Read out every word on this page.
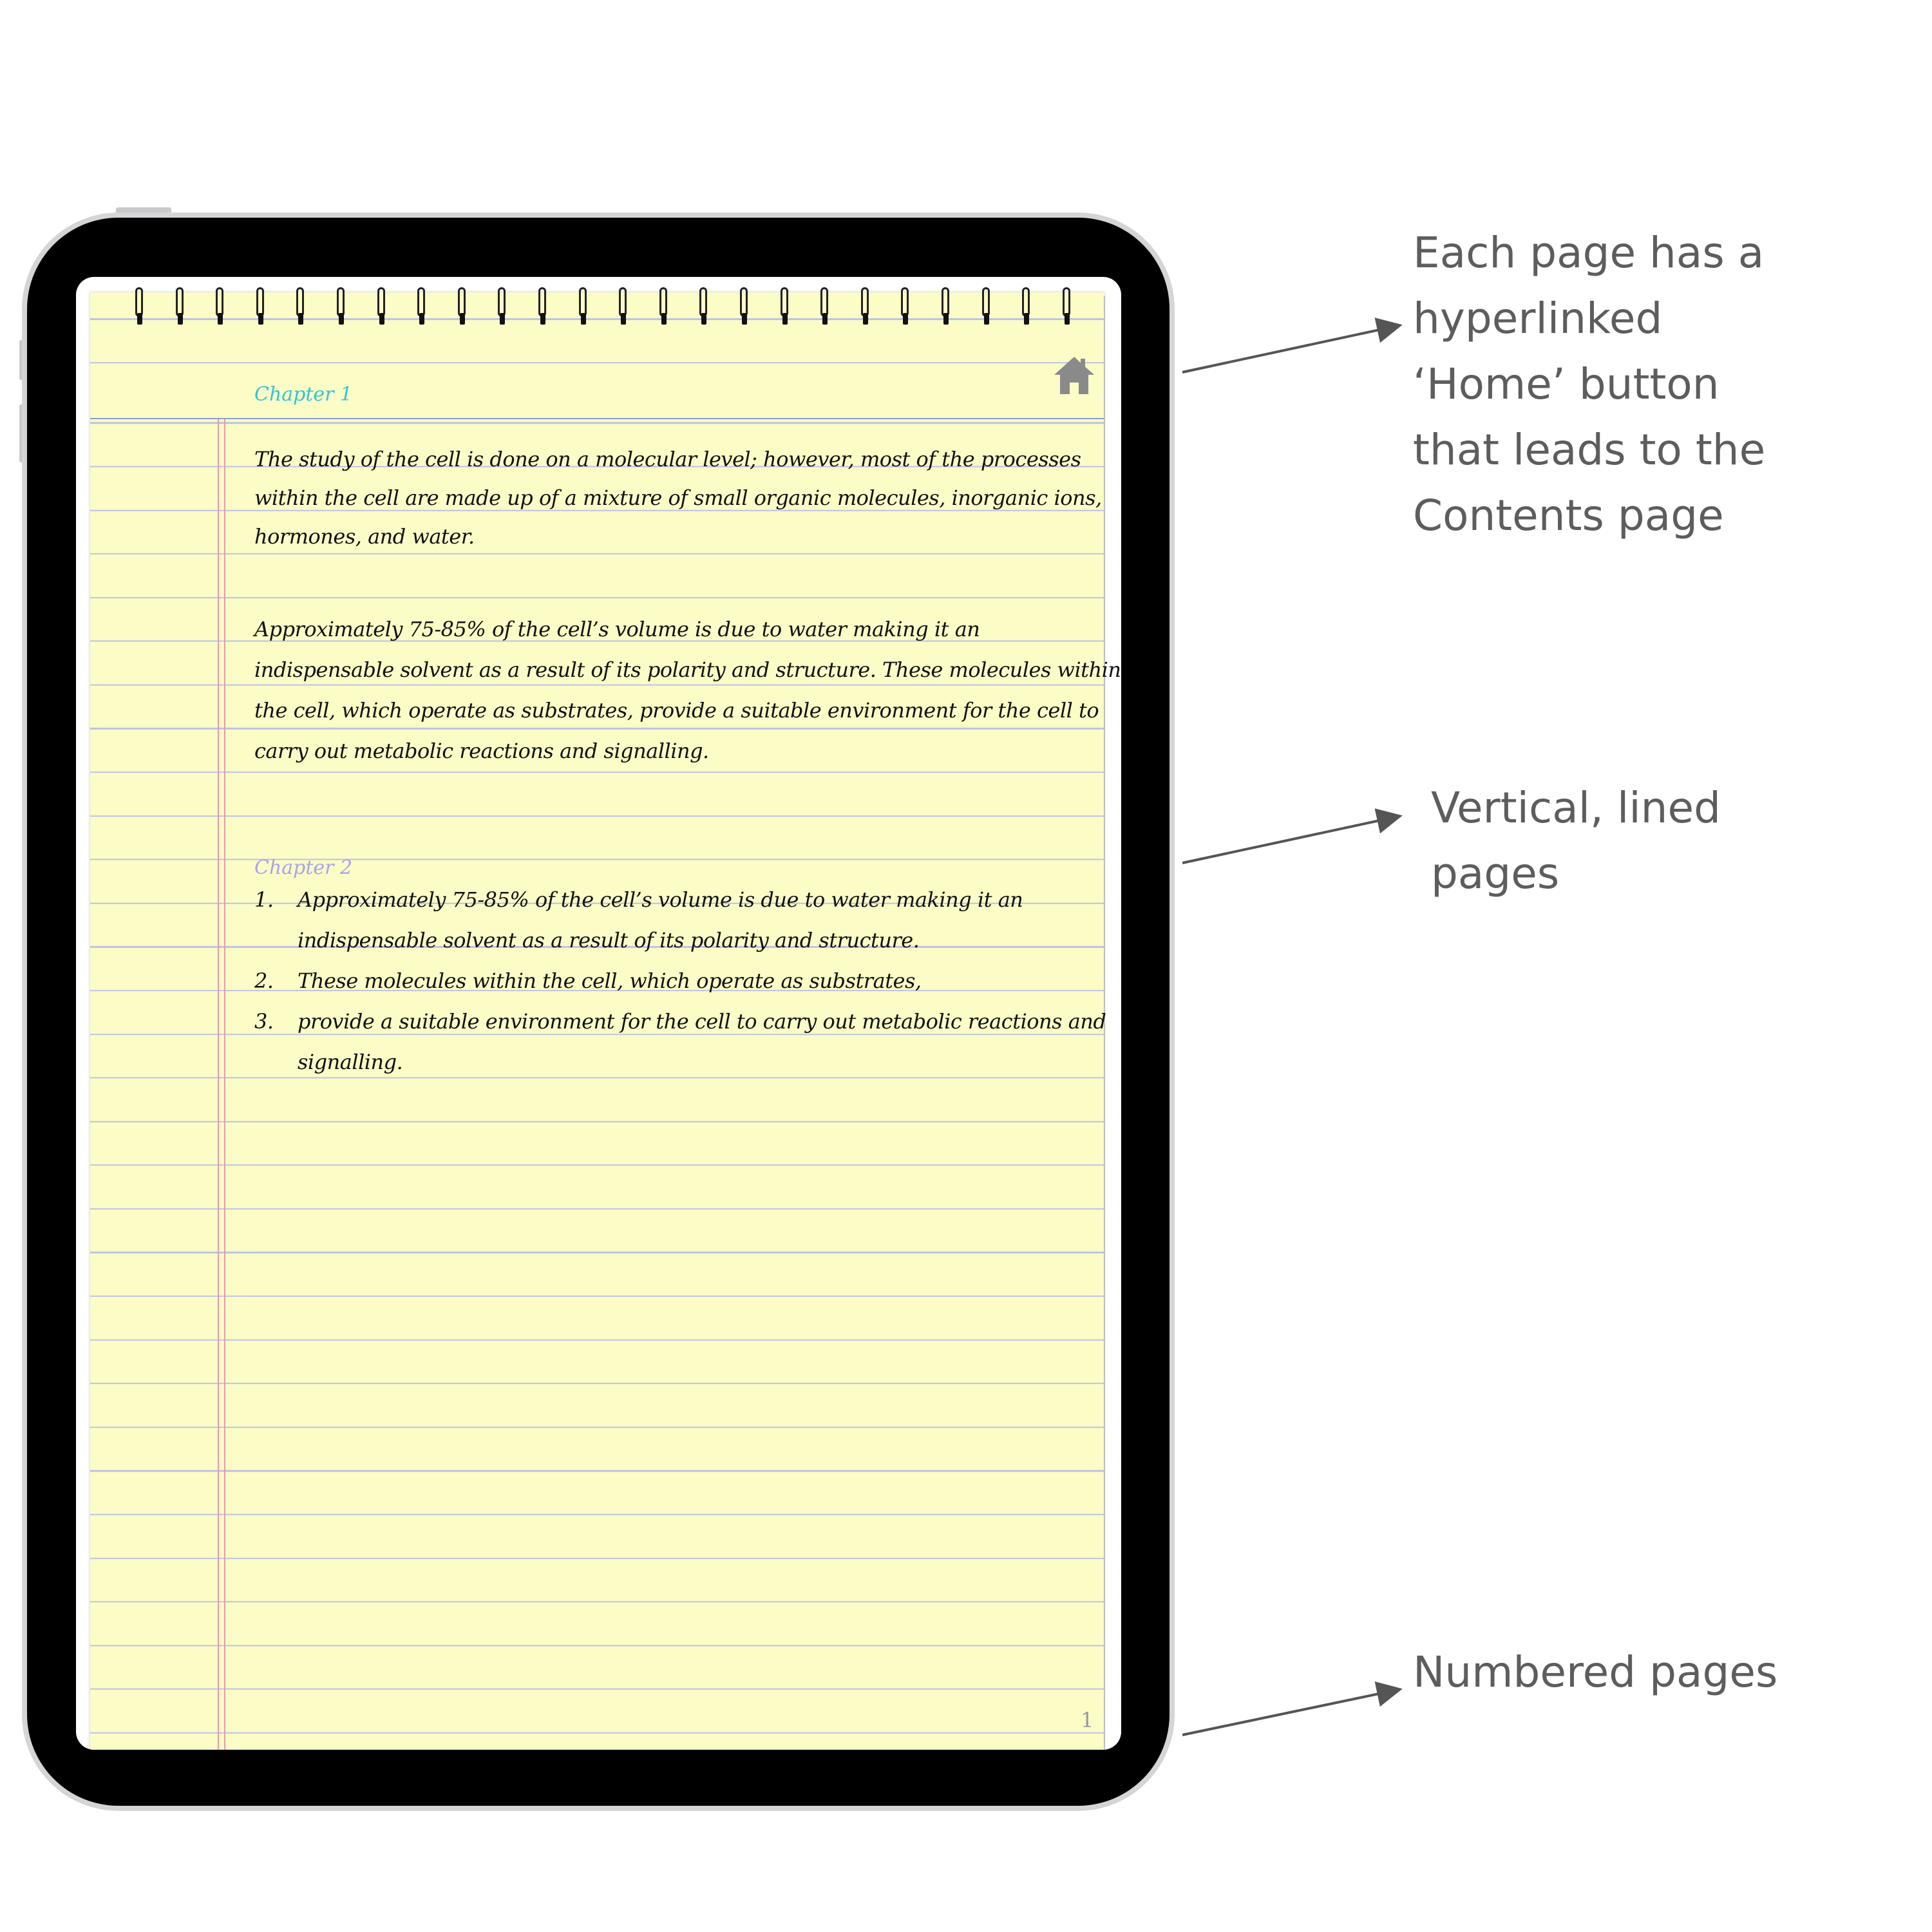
Chapter 1
The study of the cell is done on a molecular level; however, most of the processes
within the cell are made up of a mixture of small organic molecules, inorganic ions,
hormones, and water.
Approximately 75-85% of the cell’s volume is due to water making it an
indispensable solvent as a result of its polarity and structure. These molecules within
the cell, which operate as substrates, provide a suitable environment for the cell to
carry out metabolic reactions and signalling.
Chapter 2
1. Approximately 75-85% of the cell’s volume is due to water making it an
indispensable solvent as a result of its polarity and structure.
2. These molecules within the cell, which operate as substrates,
3. provide a suitable environment for the cell to carry out metabolic reactions and
signalling.
1
Each page has a
hyperlinked
‘Home’ button
that leads to the
Contents page
Vertical, lined
pages
Numbered pages
